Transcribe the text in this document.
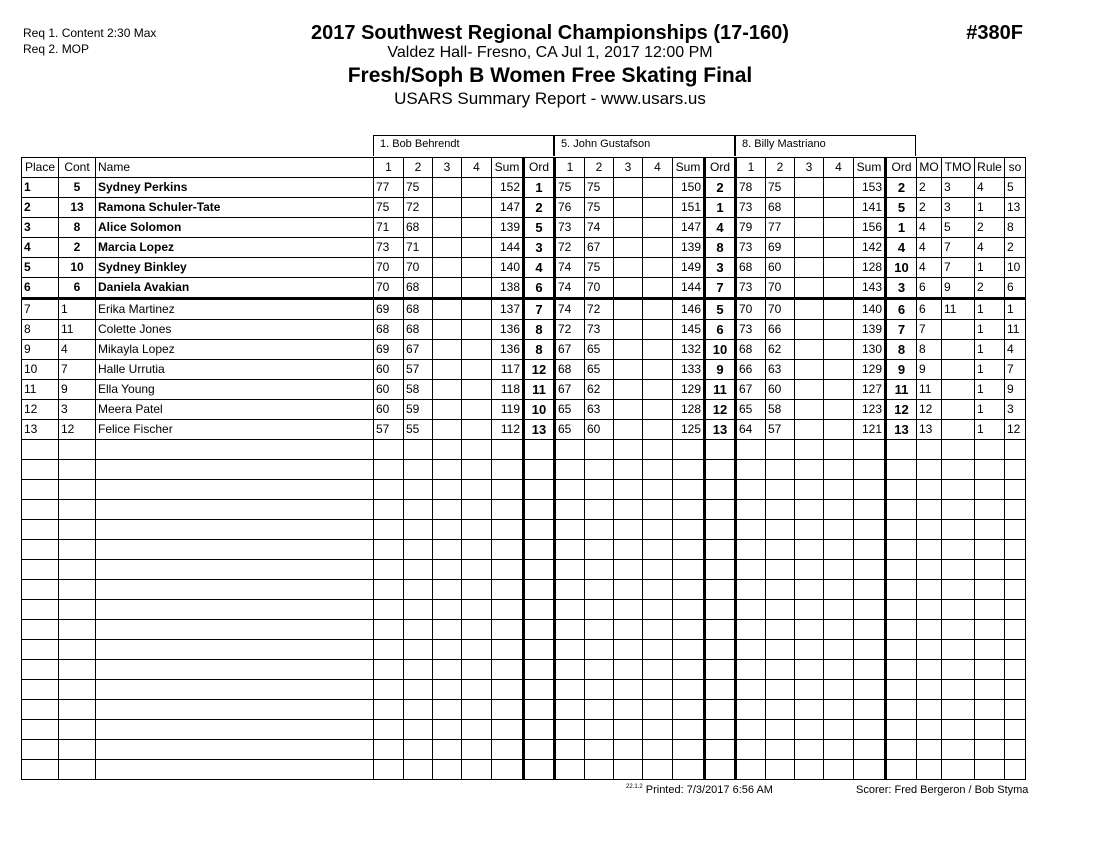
Req 1. Content 2:30 Max
Req 2. MOP
2017 Southwest Regional Championships (17-160)
Valdez Hall- Fresno, CA Jul 1, 2017 12:00 PM
Fresh/Soph B Women Free Skating Final
USARS Summary Report - www.usars.us
#380F
1. Bob Behrendt	5. John Gustafson	8. Billy Mastriano
Place	Cont	Name	1	2	3	4	Sum	Ord	1	2	3	4	Sum	Ord	1	2	3	4	Sum	Ord	MO	TMO	Rule	so
1	5	Sydney Perkins	77	75			152	1	75	75			150	2	78	75			153	2	2	3	4	5
2	13	Ramona Schuler-Tate	75	72			147	2	76	75			151	1	73	68			141	5	2	3	1	13
3	8	Alice Solomon	71	68			139	5	73	74			147	4	79	77			156	1	4	5	2	8
4	2	Marcia Lopez	73	71			144	3	72	67			139	8	73	69			142	4	4	7	4	2
5	10	Sydney Binkley	70	70			140	4	74	75			149	3	68	60			128	10	4	7	1	10
6	6	Daniela Avakian	70	68			138	6	74	70			144	7	73	70			143	3	6	9	2	6
7	1	Erika Martinez	69	68			137	7	74	72			146	5	70	70			140	6	6	11	1	1
8	11	Colette Jones	68	68			136	8	72	73			145	6	73	66			139	7	7		1	11
9	4	Mikayla Lopez	69	67			136	8	67	65			132	10	68	62			130	8	8		1	4
10	7	Halle Urrutia	60	57			117	12	68	65			133	9	66	63			129	9	9		1	7
11	9	Ella Young	60	58			118	11	67	62			129	11	67	60			127	11	11		1	9
12	3	Meera Patel	60	59			119	10	65	63			128	12	65	58			123	12	12		1	3
13	12	Felice Fischer	57	55			112	13	65	60			125	13	64	57			121	13	13		1	12

$^{22.1.2}$ Printed: 7/3/2017 6:56 AM	Scorer: Fred Bergeron / Bob Styma
